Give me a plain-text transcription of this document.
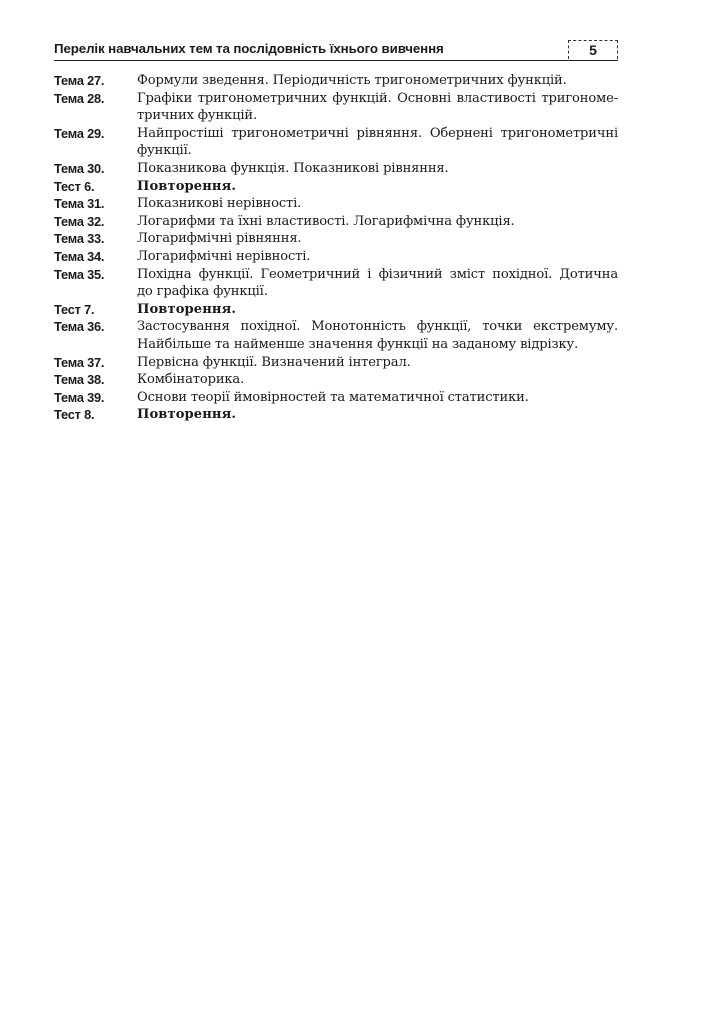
Перелік навчальних тем та послідовність їхнього вивчення	5
Тема 27.	Формули зведення. Періодичність тригонометричних функцій.
Тема 28.	Графіки тригонометричних функцій. Основні властивості тригономе-
тричних функцій.
Тема 29.	Найпростіші тригонометричні рівняння. Обернені тригонометричні
функції.
Тема 30.	Показникова функція. Показникові рівняння.
Тест 6.	Повторення.
Тема 31.	Показникові нерівності.
Тема 32.	Логарифми та їхні властивості. Логарифмічна функція.
Тема 33.	Логарифмічні рівняння.
Тема 34.	Логарифмічні нерівності.
Тема 35.	Похідна функції. Геометричний і фізичний зміст похідної. Дотична
до графіка функції.
Тест 7.	Повторення.
Тема 36.	Застосування похідної. Монотонність функції, точки екстремуму.
Найбільше та найменше значення функції на заданому відрізку.
Тема 37.	Первісна функції. Визначений інтеграл.
Тема 38.	Комбінаторика.
Тема 39.	Основи теорії ймовірностей та математичної статистики.
Тест 8.	Повторення.
